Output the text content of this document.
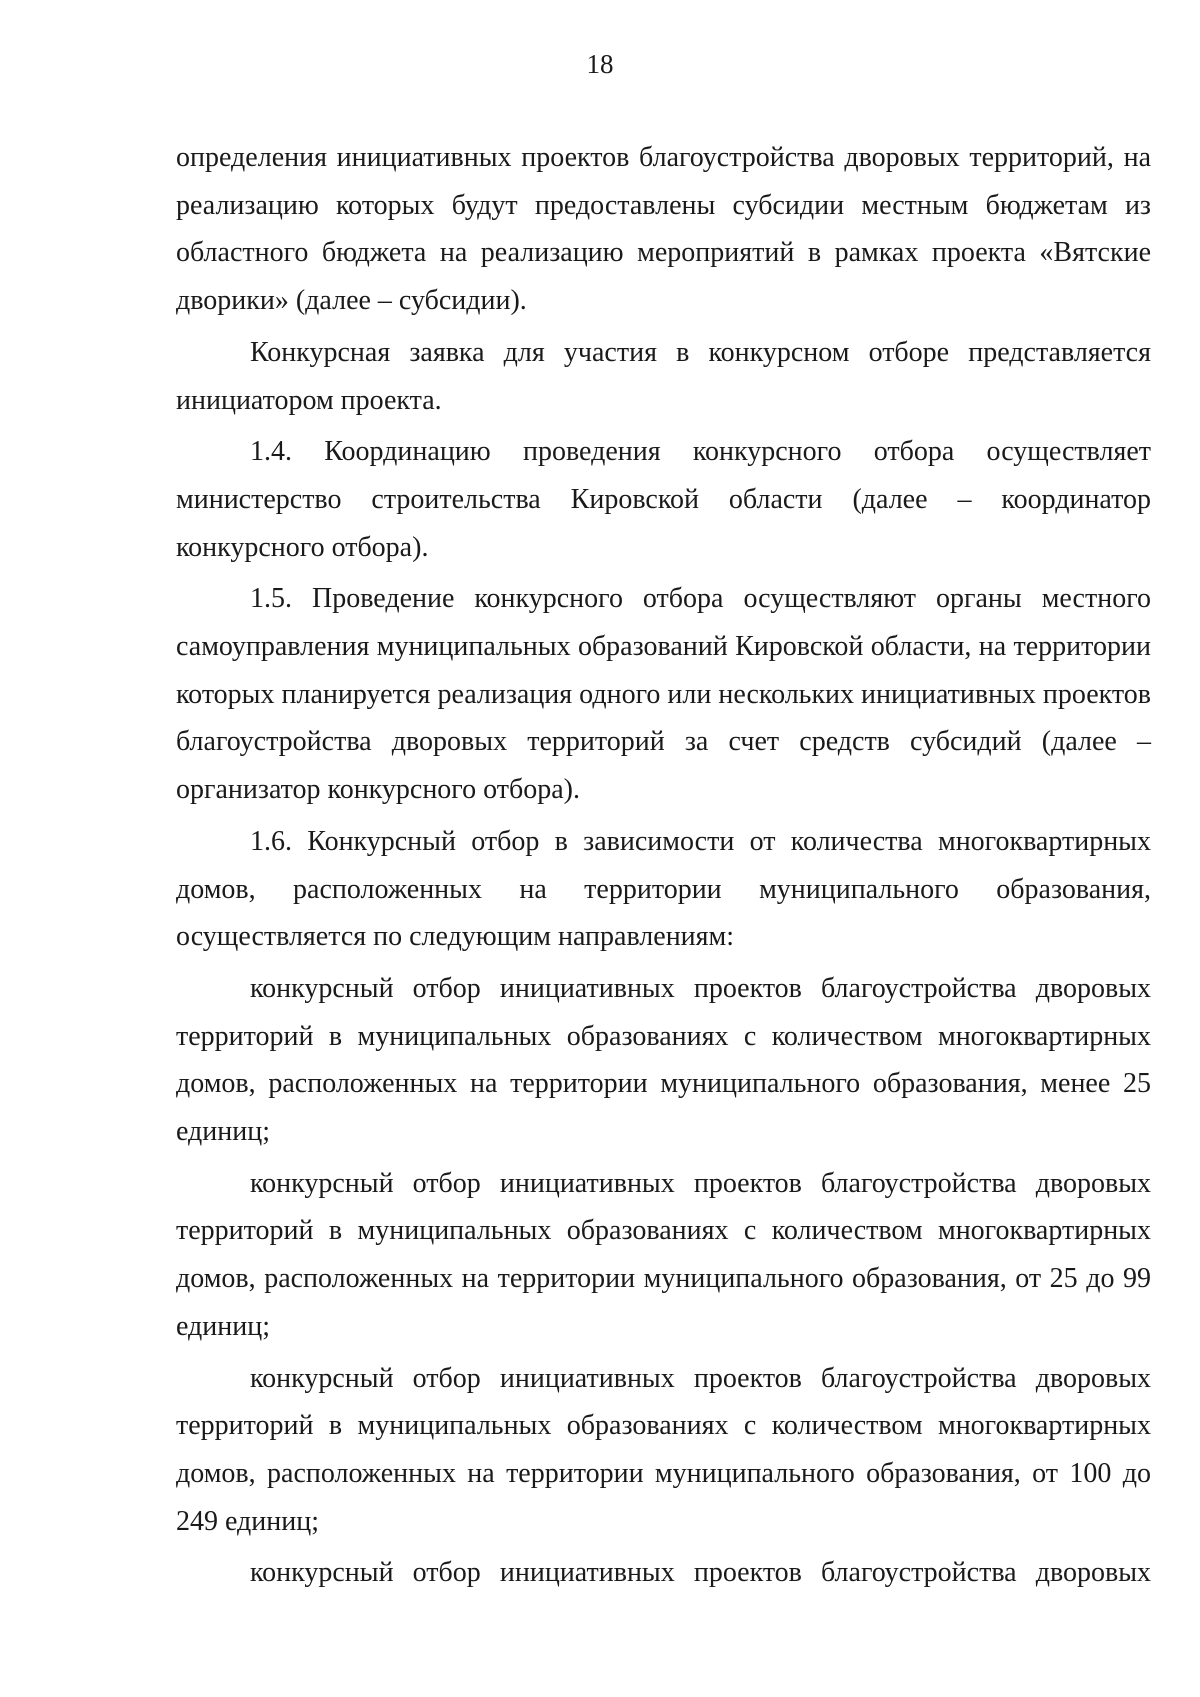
18

определения инициативных проектов благоустройства дворовых территорий, на реализацию которых будут предоставлены субсидии местным бюджетам из областного бюджета на реализацию мероприятий в рамках проекта «Вятские дворики» (далее – субсидии).

Конкурсная заявка для участия в конкурсном отборе представляется инициатором проекта.

1.4. Координацию проведения конкурсного отбора осуществляет министерство строительства Кировской области (далее – координатор конкурсного отбора).

1.5. Проведение конкурсного отбора осуществляют органы местного самоуправления муниципальных образований Кировской области, на территории которых планируется реализация одного или нескольких инициативных проектов благоустройства дворовых территорий за счет средств субсидий (далее – организатор конкурсного отбора).

1.6. Конкурсный отбор в зависимости от количества многоквартирных домов, расположенных на территории муниципального образования, осуществляется по следующим направлениям:

конкурсный отбор инициативных проектов благоустройства дворовых территорий в муниципальных образованиях с количеством многоквартирных домов, расположенных на территории муниципального образования, менее 25 единиц;

конкурсный отбор инициативных проектов благоустройства дворовых территорий в муниципальных образованиях с количеством многоквартирных домов, расположенных на территории муниципального образования, от 25 до 99 единиц;

конкурсный отбор инициативных проектов благоустройства дворовых территорий в муниципальных образованиях с количеством многоквартирных домов, расположенных на территории муниципального образования, от 100 до 249 единиц;

конкурсный отбор инициативных проектов благоустройства дворовых
